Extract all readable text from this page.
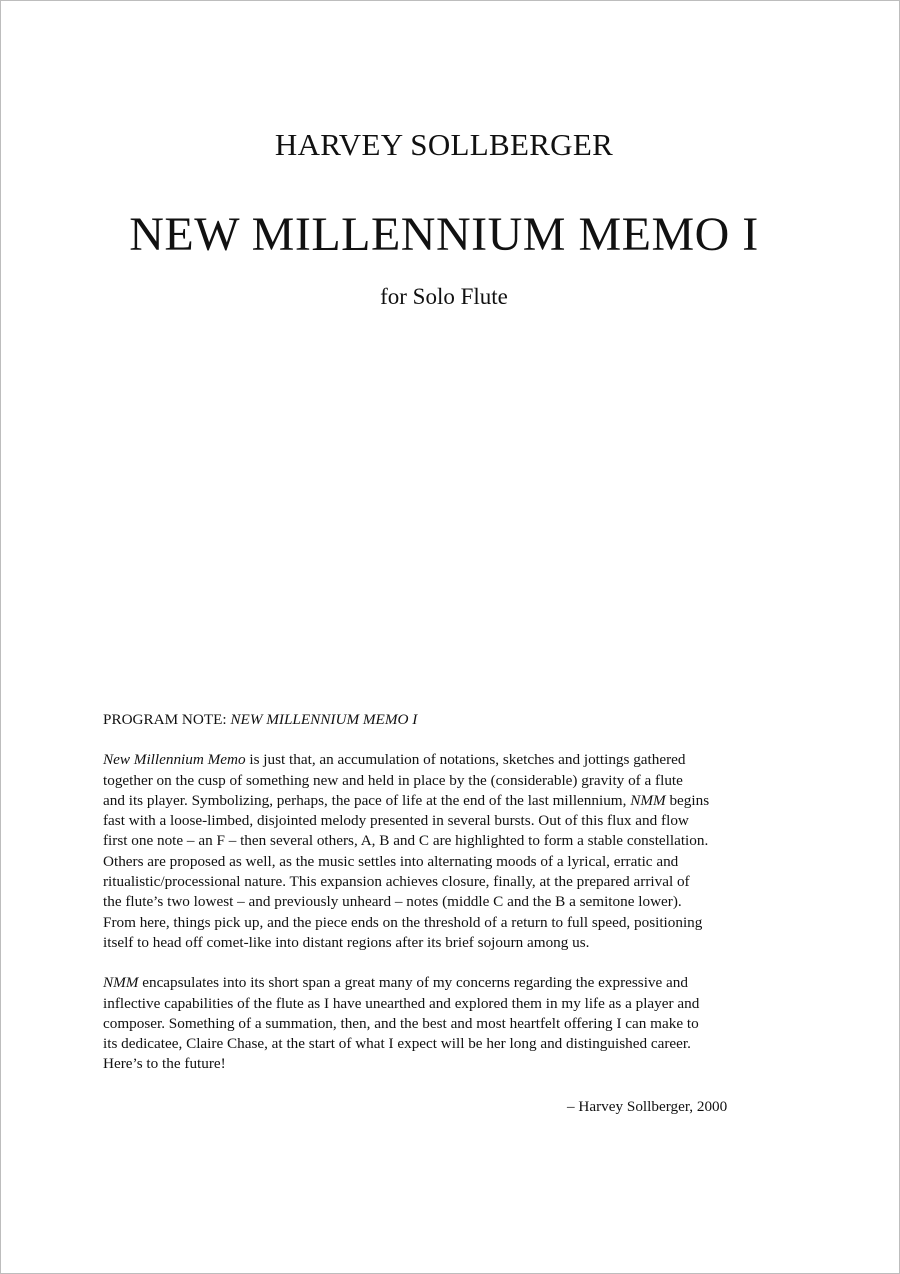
HARVEY SOLLBERGER
NEW MILLENNIUM MEMO I
for Solo Flute
PROGRAM NOTE: NEW MILLENNIUM MEMO I

New Millennium Memo is just that, an accumulation of notations, sketches and jottings gathered
together on the cusp of something new and held in place by the (considerable) gravity of a flute
and its player. Symbolizing, perhaps, the pace of life at the end of the last millennium, NMM begins
fast with a loose-limbed, disjointed melody presented in several bursts. Out of this flux and flow
first one note – an F – then several others, A, B and C are highlighted to form a stable constellation.
Others are proposed as well, as the music settles into alternating moods of a lyrical, erratic and
ritualistic/processional nature. This expansion achieves closure, finally, at the prepared arrival of
the flute’s two lowest – and previously unheard – notes (middle C and the B a semitone lower).
From here, things pick up, and the piece ends on the threshold of a return to full speed, positioning
itself to head off comet-like into distant regions after its brief sojourn among us.

NMM encapsulates into its short span a great many of my concerns regarding the expressive and
inflective capabilities of the flute as I have unearthed and explored them in my life as a player and
composer. Something of a summation, then, and the best and most heartfelt offering I can make to
its dedicatee, Claire Chase, at the start of what I expect will be her long and distinguished career.
Here’s to the future!

– Harvey Sollberger, 2000
